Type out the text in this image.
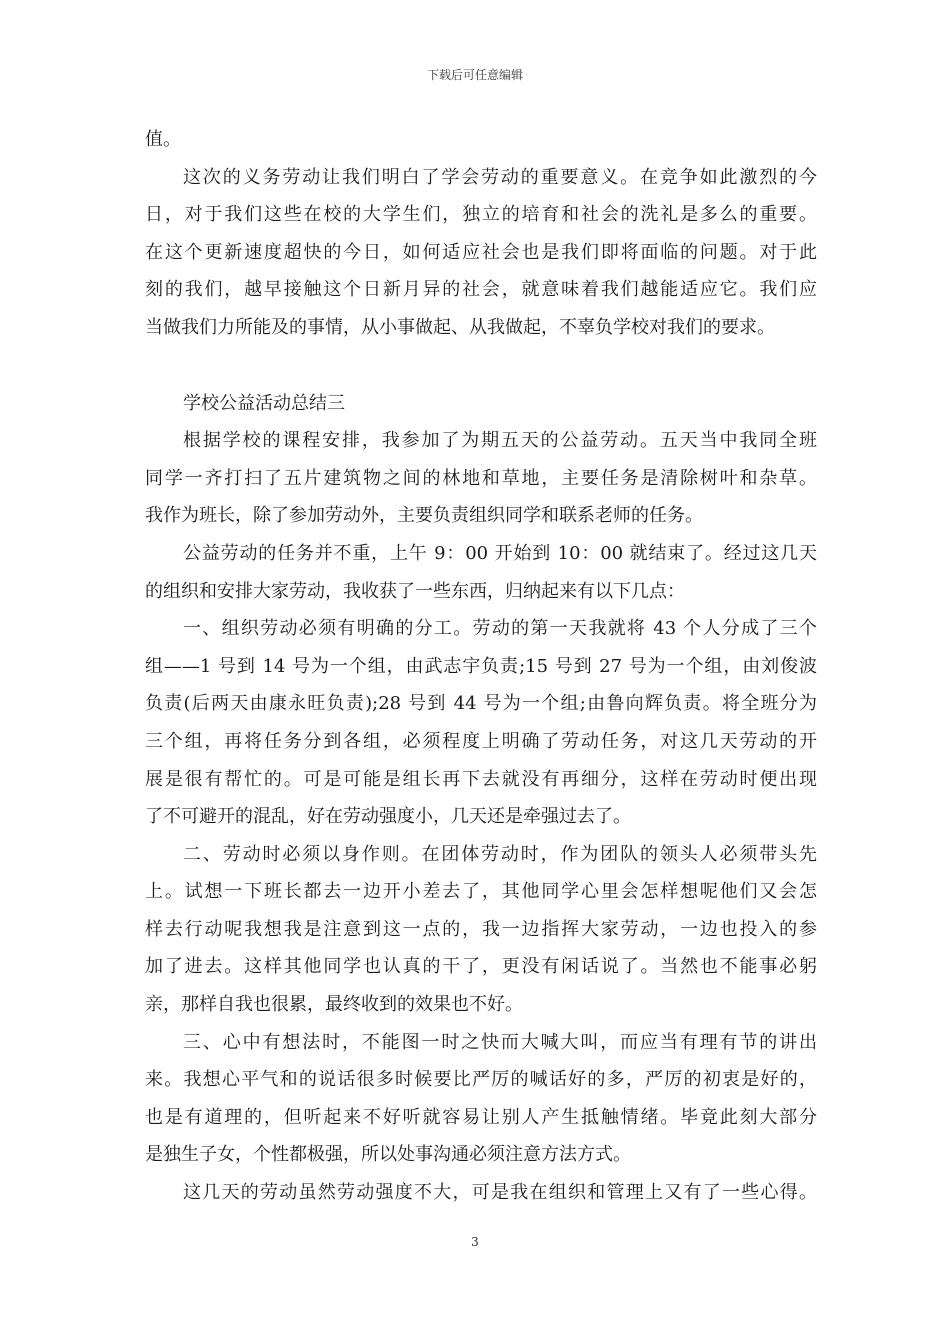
下载后可任意编辑
值。
这次的义务劳动让我们明白了学会劳动的重要意义。在竞争如此激烈的今
日，对于我们这些在校的大学生们，独立的培育和社会的洗礼是多么的重要。
在这个更新速度超快的今日，如何适应社会也是我们即将面临的问题。对于此
刻的我们，越早接触这个日新月异的社会，就意味着我们越能适应它。我们应
当做我们力所能及的事情，从小事做起、从我做起，不辜负学校对我们的要求。
学校公益活动总结三
根据学校的课程安排，我参加了为期五天的公益劳动。五天当中我同全班
同学一齐打扫了五片建筑物之间的林地和草地，主要任务是清除树叶和杂草。
我作为班长，除了参加劳动外，主要负责组织同学和联系老师的任务。
公益劳动的任务并不重，上午 9：00 开始到 10：00 就结束了。经过这几天
的组织和安排大家劳动，我收获了一些东西，归纳起来有以下几点：
一、组织劳动必须有明确的分工。劳动的第一天我就将 43 个人分成了三个
组——1 号到 14 号为一个组，由武志宇负责;15 号到 27 号为一个组，由刘俊波
负责(后两天由康永旺负责);28 号到 44 号为一个组;由鲁向辉负责。将全班分为
三个组，再将任务分到各组，必须程度上明确了劳动任务，对这几天劳动的开
展是很有帮忙的。可是可能是组长再下去就没有再细分，这样在劳动时便出现
了不可避开的混乱，好在劳动强度小，几天还是牵强过去了。
二、劳动时必须以身作则。在团体劳动时，作为团队的领头人必须带头先
上。试想一下班长都去一边开小差去了，其他同学心里会怎样想呢他们又会怎
样去行动呢我想我是注意到这一点的，我一边指挥大家劳动，一边也投入的参
加了进去。这样其他同学也认真的干了，更没有闲话说了。当然也不能事必躬
亲，那样自我也很累，最终收到的效果也不好。
三、心中有想法时，不能图一时之快而大喊大叫，而应当有理有节的讲出
来。我想心平气和的说话很多时候要比严厉的喊话好的多，严厉的初衷是好的，
也是有道理的，但听起来不好听就容易让别人产生抵触情绪。毕竟此刻大部分
是独生子女，个性都极强，所以处事沟通必须注意方法方式。
这几天的劳动虽然劳动强度不大，可是我在组织和管理上又有了一些心得。
3
